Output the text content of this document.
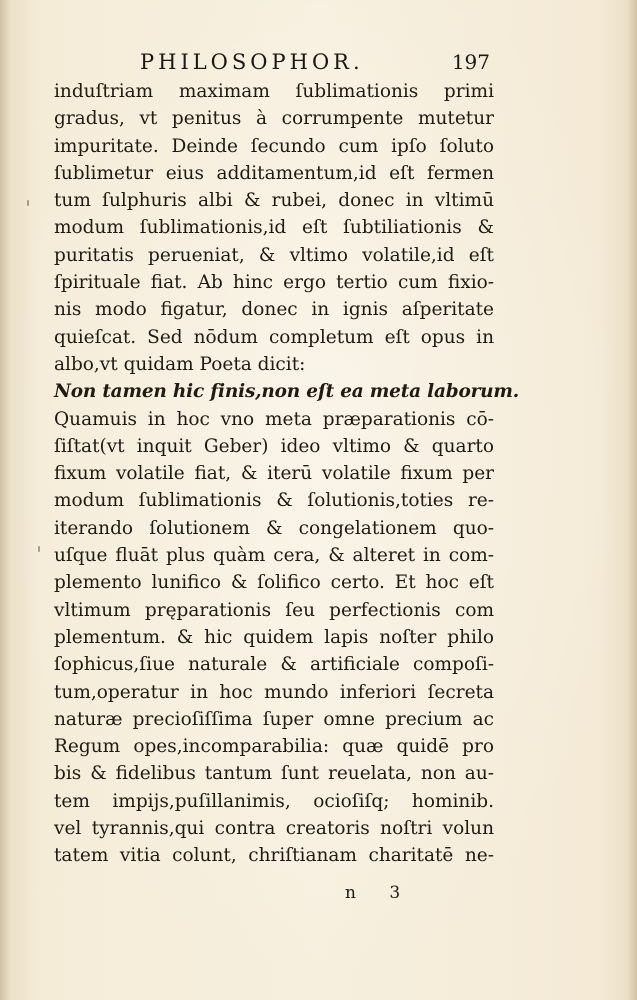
PHILOSOPHOR.	197
induſtriam maximam ſublimationis primi
gradus, vt penitus à corrumpente mutetur
impuritate. Deinde ſecundo cum ipſo ſoluto
ſublimetur eius additamentum,id eſt fermen
tum ſulphuris albi & rubei, donec in vltimū
modum ſublimationis,id eſt ſubtiliationis &
puritatis perueniat, & vltimo volatile,id eſt
ſpirituale fiat. Ab hinc ergo tertio cum fixio-
nis modo figatur, donec in ignis aſperitate
quieſcat. Sed nōdum completum eſt opus in
albo,vt quidam Poeta dicit:
Non tamen hic finis,non eſt ea meta laborum.
Quamuis in hoc vno meta præparationis cō-
ſiſtat(vt inquit Geber) ideo vltimo & quarto
fixum volatile fiat, & iterū volatile fixum per
modum ſublimationis & ſolutionis,toties re-
iterando ſolutionem & congelationem quo-
uſque fluāt plus quàm cera, & alteret in com-
plemento lunifico & ſolifico certo. Et hoc eſt
vltimum pręparationis ſeu perfectionis com
plementum. & hic quidem lapis noſter philo
ſophicus,ſiue naturale & artificiale compoſi-
tum,operatur in hoc mundo inferiori ſecreta
naturæ precioſiſſima ſuper omne precium ac
Regum opes,incomparabilia: quæ quidē pro
bis & fidelibus tantum ſunt reuelata, non au-
tem impijs,puſillanimis, ocioſiſq; hominib.
vel tyrannis,qui contra creatoris noſtri volun
tatem vitia colunt, chriſtianam charitatē ne-
n 3
